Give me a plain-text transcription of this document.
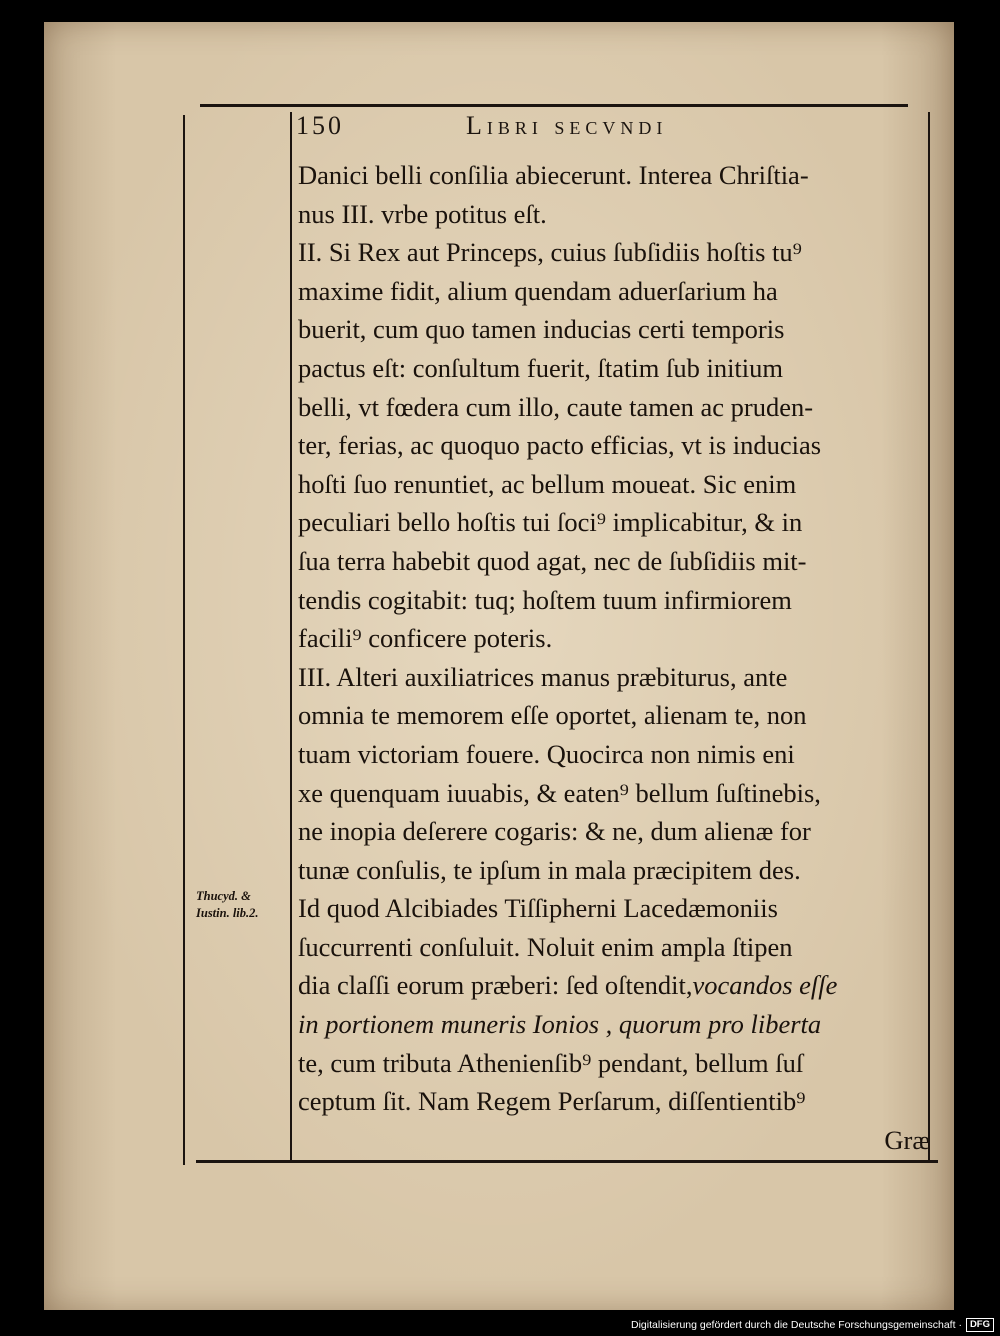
150	Libri secvndi
Thucyd. &
Iustin. lib.2.
Danici belli conſilia abiecerunt. Interea Chriſtia-
nus III. vrbe potitus eſt.
II. Si Rex aut Princeps, cuius ſubſidiis hoſtis tu⁹
maxime fidit, alium quendam aduerſarium ha
buerit, cum quo tamen inducias certi temporis
pactus eſt: conſultum fuerit, ſtatim ſub initium
belli, vt fœdera cum illo, caute tamen ac pruden-
ter, ferias, ac quoquo pacto efficias, vt is inducias
hoſti ſuo renuntiet, ac bellum moueat. Sic enim
peculiari bello hoſtis tui ſoci⁹ implicabitur, & in
ſua terra habebit quod agat, nec de ſubſidiis mit-
tendis cogitabit: tuq; hoſtem tuum infirmiorem
facili⁹ conficere poteris.
III. Alteri auxiliatrices manus præbiturus, ante
omnia te memorem eſſe oportet, alienam te, non
tuam victoriam fouere. Quocirca non nimis eni
xe quenquam iuuabis, & eaten⁹ bellum ſuſtinebis,
ne inopia deſerere cogaris: & ne, dum alienæ for
tunæ conſulis, te ipſum in mala præcipitem des.
Id quod Alcibiades Tiſſipherni Lacedæmoniis
ſuccurrenti conſuluit. Noluit enim ampla ſtipen
dia claſſi eorum præberi: ſed oſtendit,vocandos eſſe
in portionem muneris Ionios , quorum pro liberta
te, cum tributa Athenienſib⁹ pendant, bellum ſuſ
ceptum ſit. Nam Regem Perſarum, diſſentientib⁹
Græ
Digitalisierung gefördert durch die Deutsche Forschungsgemeinschaft · DFG
